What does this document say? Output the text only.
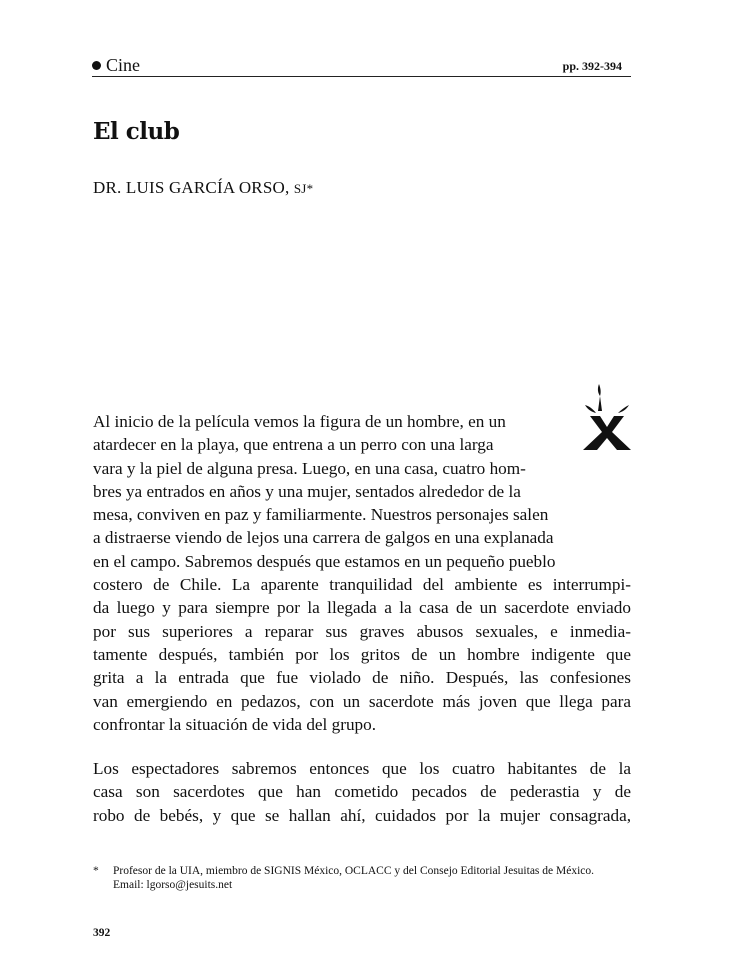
Cine	pp. 392-394
El club
DR. LUIS GARCÍA ORSO, SJ*
Al inicio de la película vemos la figura de un hombre, en un
atardecer en la playa, que entrena a un perro con una larga
vara y la piel de alguna presa. Luego, en una casa, cuatro hom-
bres ya entrados en años y una mujer, sentados alrededor de la
mesa, conviven en paz y familiarmente. Nuestros personajes salen
a distraerse viendo de lejos una carrera de galgos en una explanada
en el campo. Sabremos después que estamos en un pequeño pueblo
costero de Chile. La aparente tranquilidad del ambiente es interrumpi-
da luego y para siempre por la llegada a la casa de un sacerdote enviado
por sus superiores a reparar sus graves abusos sexuales, e inmedia-
tamente después, también por los gritos de un hombre indigente que
grita a la entrada que fue violado de niño. Después, las confesiones
van emergiendo en pedazos, con un sacerdote más joven que llega para
confrontar la situación de vida del grupo.
Los espectadores sabremos entonces que los cuatro habitantes de la
casa son sacerdotes que han cometido pecados de pederastia y de
robo de bebés, y que se hallan ahí, cuidados por la mujer consagrada,
* Profesor de la UIA, miembro de SIGNIS México, OCLACC y del Consejo Editorial Jesuitas de México.
Email: lgorso@jesuits.net
392
